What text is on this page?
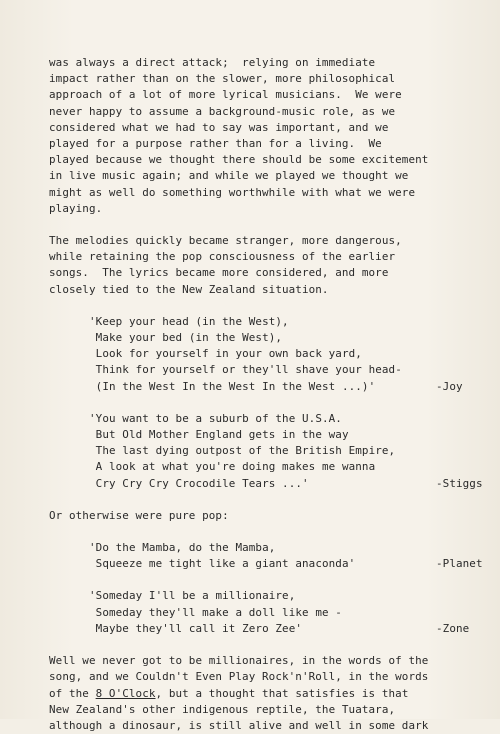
was always a direct attack;  relying on immediate
impact rather than on the slower, more philosophical
approach of a lot of more lyrical musicians.  We were
never happy to assume a background-music role, as we
considered what we had to say was important, and we
played for a purpose rather than for a living.  We
played because we thought there should be some excitement
in live music again; and while we played we thought we
might as well do something worthwhile with what we were
playing.
The melodies quickly became stranger, more dangerous,
while retaining the pop consciousness of the earlier
songs.  The lyrics became more considered, and more
closely tied to the New Zealand situation.
'Keep your head (in the West),
Make your bed (in the West),
Look for yourself in your own back yard,
Think for yourself or they'll shave your head-
(In the West In the West In the West ...)'	-Joy
'You want to be a suburb of the U.S.A.
But Old Mother England gets in the way
The last dying outpost of the British Empire,
A look at what you're doing makes me wanna
Cry Cry Cry Crocodile Tears ...'	-Stiggs
Or otherwise were pure pop:
'Do the Mamba, do the Mamba,
Squeeze me tight like a giant anaconda'	-Planet
'Someday I'll be a millionaire,
Someday they'll make a doll like me -
Maybe they'll call it Zero Zee'	-Zone
Well we never got to be millionaires, in the words of the
song, and we Couldn't Even Play Rock'n'Roll, in the words
of the 8 O'Clock, but a thought that satisfies is that
New Zealand's other indigenous reptile, the Tuatara,
although a dinosaur, is still alive and well in some dark
